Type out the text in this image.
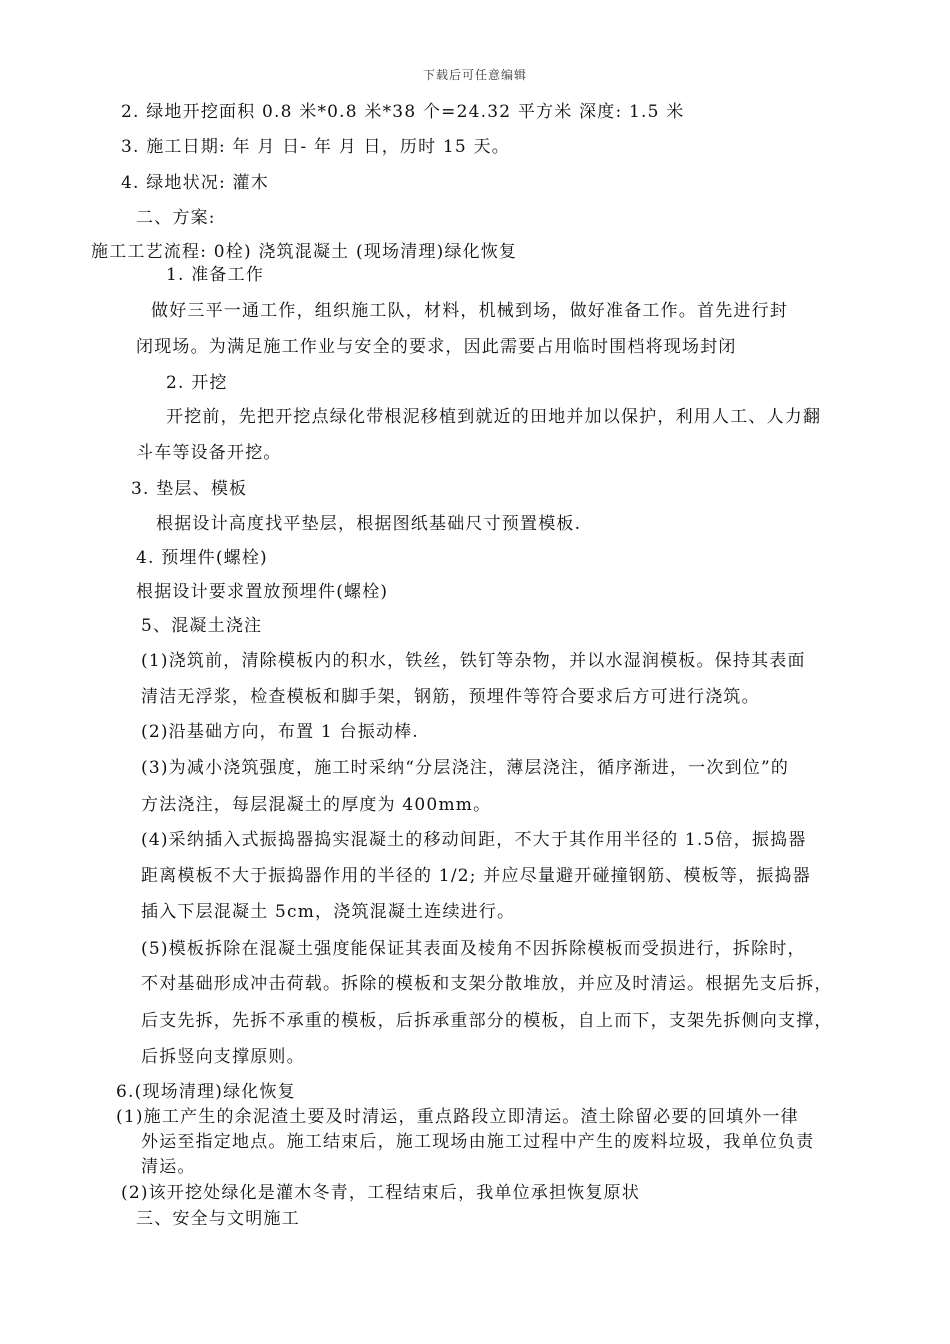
下载后可任意编辑
2. 绿地开挖面积 0.8 米*0.8 米*38 个=24.32 平方米 深度: 1.5 米
3. 施工日期: 年 月 日- 年 月 日，历时 15 天。
4. 绿地状况: 灌木
二、方案:
施工工艺流程: 0栓) 浇筑混凝土 (现场清理)绿化恢复
1. 准备工作
做好三平一通工作，组织施工队，材料，机械到场，做好准备工作。首先进行封
闭现场。为满足施工作业与安全的要求，因此需要占用临时围档将现场封闭
2. 开挖
开挖前，先把开挖点绿化带根泥移植到就近的田地并加以保护，利用人工、人力翻
斗车等设备开挖。
3. 垫层、模板
根据设计高度找平垫层，根据图纸基础尺寸预置模板.
4. 预埋件(螺栓)
根据设计要求置放预埋件(螺栓)
5、混凝土浇注
(1)浇筑前，清除模板内的积水，铁丝，铁钉等杂物，并以水湿润模板。保持其表面
清洁无浮浆，检查模板和脚手架，钢筋，预埋件等符合要求后方可进行浇筑。
(2)沿基础方向，布置 1 台振动棒.
(3)为减小浇筑强度，施工时采纳“分层浇注，薄层浇注，循序渐进，一次到位”的
方法浇注，每层混凝土的厚度为 400mm。
(4)采纳插入式振捣器捣实混凝土的移动间距，不大于其作用半径的 1.5倍，振捣器
距离模板不大于振捣器作用的半径的 1/2; 并应尽量避开碰撞钢筋、模板等，振捣器
插入下层混凝土 5cm，浇筑混凝土连续进行。
(5)模板拆除在混凝土强度能保证其表面及棱角不因拆除模板而受损进行，拆除时，
不对基础形成冲击荷载。拆除的模板和支架分散堆放，并应及时清运。根据先支后拆，
后支先拆，先拆不承重的模板，后拆承重部分的模板，自上而下，支架先拆侧向支撑，
后拆竖向支撑原则。
6.(现场清理)绿化恢复
(1)施工产生的余泥渣土要及时清运，重点路段立即清运。渣土除留必要的回填外一律
外运至指定地点。施工结束后，施工现场由施工过程中产生的废料垃圾，我单位负责
清运。
(2)该开挖处绿化是灌木冬青，工程结束后，我单位承担恢复原状
三、安全与文明施工
